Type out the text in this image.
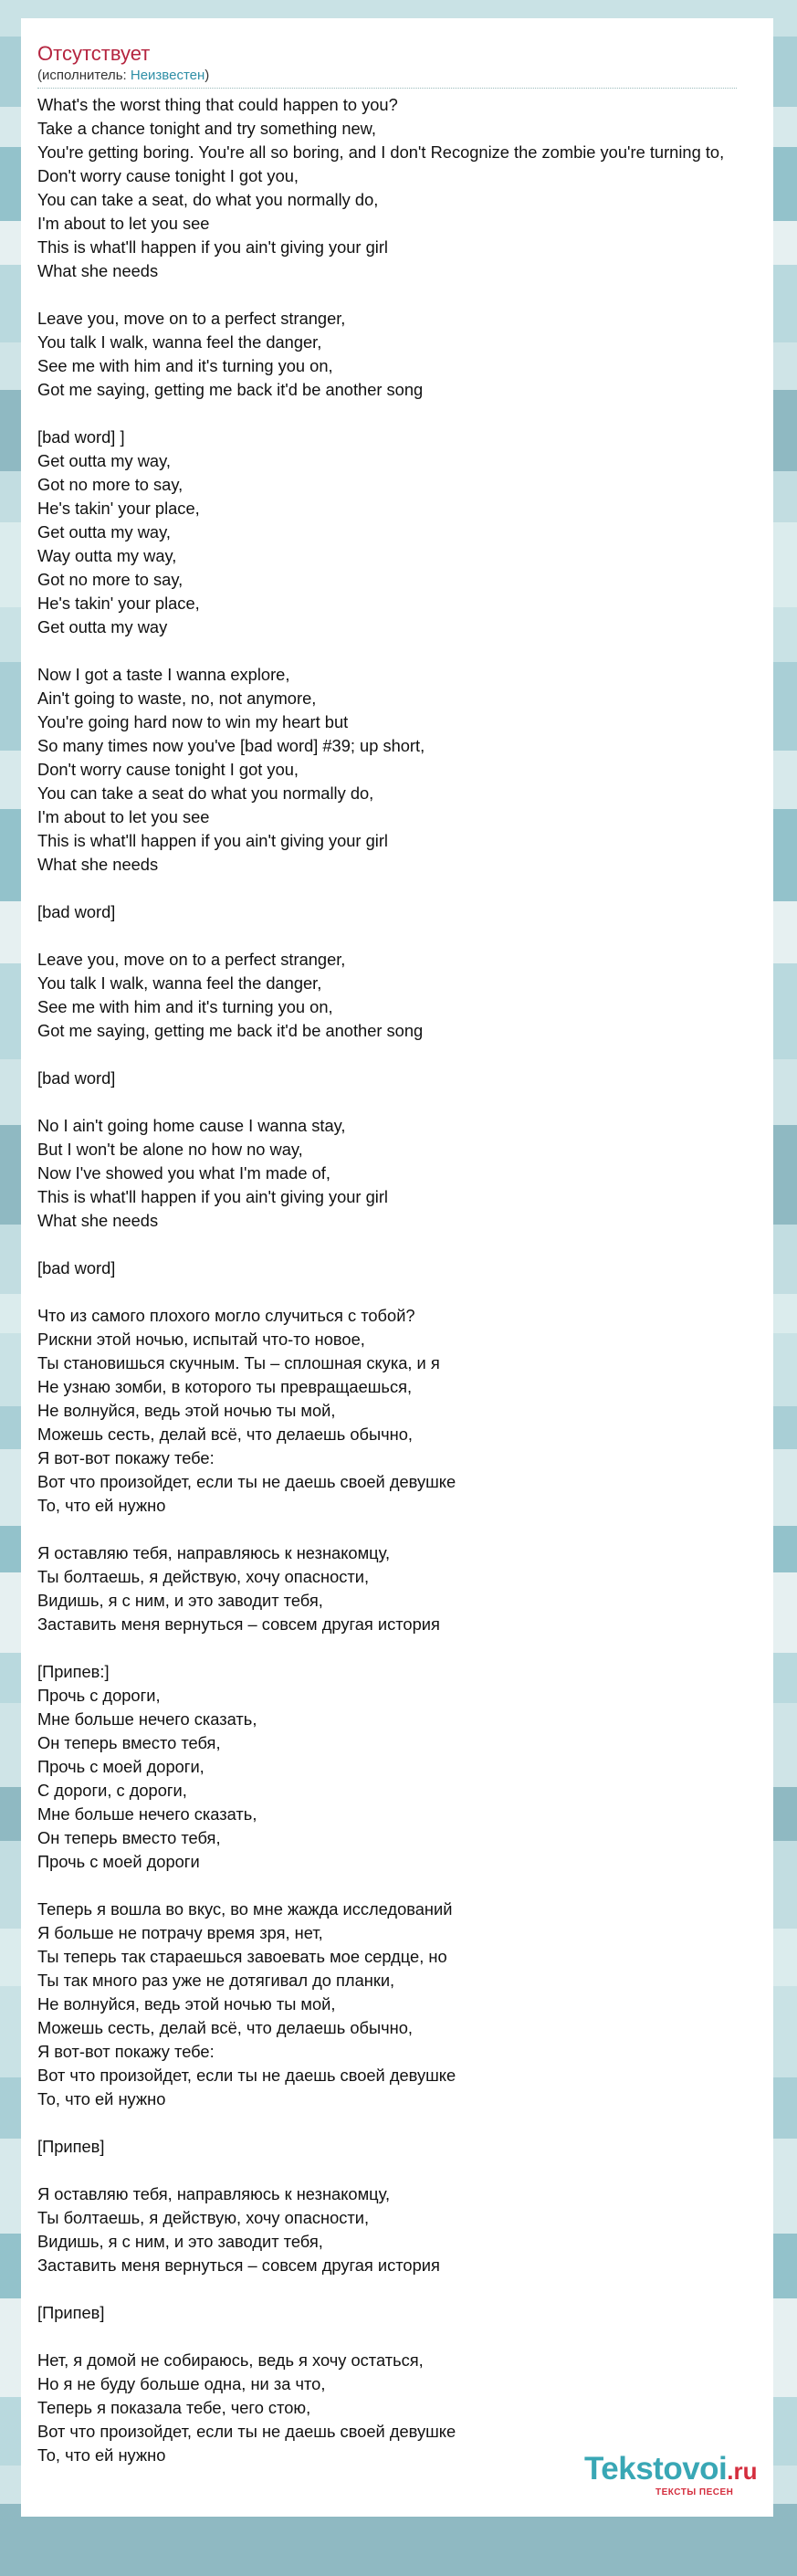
Отсутствует
(исполнитель: Неизвестен)
What's the worst thing that could happen to you?
Take a chance tonight and try something new,
You're getting boring. You're all so boring, and I don't Recognize the zombie you're turning to,
Don't worry cause tonight I got you,
You can take a seat, do what you normally do,
I'm about to let you see
This is what'll happen if you ain't giving your girl
What she needs
Leave you, move on to a perfect stranger,
You talk I walk, wanna feel the danger,
See me with him and it's turning you on,
Got me saying, getting me back it'd be another song
[bad word] ]
Get outta my way,
Got no more to say,
He's takin' your place,
Get outta my way,
Way outta my way,
Got no more to say,
He's takin' your place,
Get outta my way
Now I got a taste I wanna explore,
Ain't going to waste, no, not anymore,
You're going hard now to win my heart but
So many times now you've [bad word] #39; up short,
Don't worry cause tonight I got you,
You can take a seat do what you normally do,
I'm about to let you see
This is what'll happen if you ain't giving your girl
What she needs
[bad word]
Leave you, move on to a perfect stranger,
You talk I walk, wanna feel the danger,
See me with him and it's turning you on,
Got me saying, getting me back it'd be another song
[bad word]
No I ain't going home cause I wanna stay,
But I won't be alone no how no way,
Now I've showed you what I'm made of,
This is what'll happen if you ain't giving your girl
What she needs
[bad word]
Что из самого плохого могло случиться с тобой?
Рискни этой ночью, испытай что-то новое,
Ты становишься скучным. Ты – сплошная скука, и я
Не узнаю зомби, в которого ты превращаешься,
Не волнуйся, ведь этой ночью ты мой,
Можешь сесть, делай всё, что делаешь обычно,
Я вот-вот покажу тебе:
Вот что произойдет, если ты не даешь своей девушке
То, что ей нужно
Я оставляю тебя, направляюсь к незнакомцу,
Ты болтаешь, я действую, хочу опасности,
Видишь, я с ним, и это заводит тебя,
Заставить меня вернуться – совсем другая история
[Припев:]
Прочь с дороги,
Мне больше нечего сказать,
Он теперь вместо тебя,
Прочь с моей дороги,
С дороги, с дороги,
Мне больше нечего сказать,
Он теперь вместо тебя,
Прочь с моей дороги
Теперь я вошла во вкус, во мне жажда исследований
Я больше не потрачу время зря, нет,
Ты теперь так стараешься завоевать мое сердце, но
Ты так много раз уже не дотягивал до планки,
Не волнуйся, ведь этой ночью ты мой,
Можешь сесть, делай всё, что делаешь обычно,
Я вот-вот покажу тебе:
Вот что произойдет, если ты не даешь своей девушке
То, что ей нужно
[Припев]
Я оставляю тебя, направляюсь к незнакомцу,
Ты болтаешь, я действую, хочу опасности,
Видишь, я с ним, и это заводит тебя,
Заставить меня вернуться – совсем другая история
[Припев]
Нет, я домой не собираюсь, ведь я хочу остаться,
Но я не буду больше одна, ни за что,
Теперь я показала тебе, чего стою,
Вот что произойдет, если ты не даешь своей девушке
То, что ей нужно	Tekstovoi.ru
ТЕКСТЫ ПЕСЕН
